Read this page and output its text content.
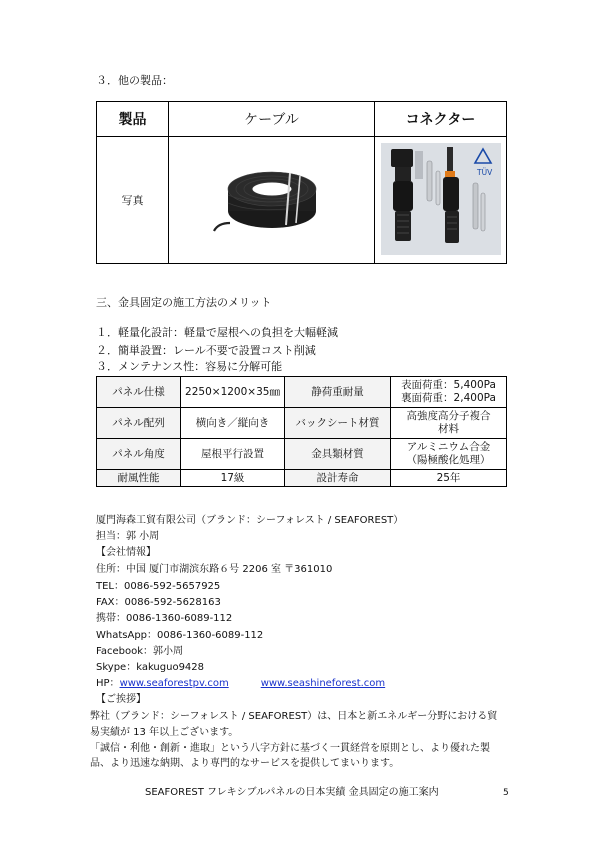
３．他の製品：
製品	ケーブル	コネクター
写真		TÜV
三、金具固定の施工方法のメリット
１．軽量化設計：軽量で屋根への負担を大幅軽減
２．簡単設置：レール不要で設置コスト削減
３．メンテナンス性：容易に分解可能
パネル仕様	2250×1200×35㎜	静荷重耐量	表面荷重：5,400Pa
裏面荷重：2,400Pa

パネル配列	横向き／縦向き	バックシート材質	高強度高分子複合
材料

パネル角度	屋根平行設置	金具類材質	アルミニウム合金
（陽極酸化処理）

耐風性能	17級	設計寿命	25年
厦門海森工貿有限公司（ブランド：シーフォレスト / SEAFOREST）
担当：郭 小周
【会社情報】
住所：中国 厦门市湖滨东路６号 2206 室 〒361010
TEL：0086-592-5657925
FAX：0086-592-5628163
携帯：0086-1360-6089-112
WhatsApp：0086-1360-6089-112
Facebook：郭小周
Skype：kakuguo9428
HP：www.seaforestpv.com	www.seashineforest.com
【ご挨拶】
弊社（ブランド：シーフォレスト / SEAFOREST）は、日本と新エネルギー分野における貿
易実績が 13 年以上ございます。
「誠信・利他・創新・進取」という八字方針に基づく一貫経営を原則とし、より優れた製
品、より迅速な納期、より専門的なサービスを提供してまいります。
SEAFOREST フレキシブルパネルの日本実績 金具固定の施工案内	5
